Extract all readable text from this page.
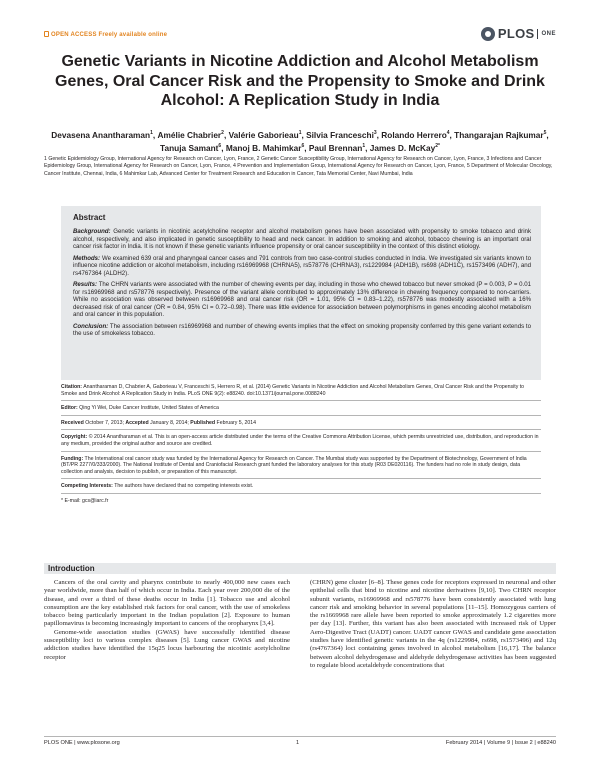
OPEN ACCESS Freely available online	PLOS ONE
Genetic Variants in Nicotine Addiction and Alcohol Metabolism Genes, Oral Cancer Risk and the Propensity to Smoke and Drink Alcohol: A Replication Study in India
Devasena Anantharaman$^1$, Amélie Chabrier$^2$, Valérie Gaborieau$^1$, Silvia Franceschi$^3$, Rolando Herrero$^4$, Thangarajan Rajkumar$^5$, Tanuja Samant$^6$, Manoj B. Mahimkar$^6$, Paul Brennan$^1$, James D. McKay$^{2*}$
1 Genetic Epidemiology Group, International Agency for Research on Cancer, Lyon, France, 2 Genetic Cancer Susceptibility Group, International Agency for Research on Cancer, Lyon, France, 3 Infections and Cancer Epidemiology Group, International Agency for Research on Cancer, Lyon, France, 4 Prevention and Implementation Group, International Agency for Research on Cancer, Lyon, France, 5 Department of Molecular Oncology, Cancer Institute, Chennai, India, 6 Mahimkar Lab, Advanced Center for Treatment Research and Education in Cancer, Tata Memorial Center, Navi Mumbai, India
Abstract

Background: Genetic variants in nicotinic acetylcholine receptor and alcohol metabolism genes have been associated with propensity to smoke tobacco and drink alcohol, respectively, and also implicated in genetic susceptibility to head and neck cancer. In addition to smoking and alcohol, tobacco chewing is an important oral cancer risk factor in India. It is not known if these genetic variants influence propensity or oral cancer susceptibility in the context of this distinct etiology.

Methods: We examined 639 oral and pharyngeal cancer cases and 791 controls from two case-control studies conducted in India. We investigated six variants known to influence nicotine addiction or alcohol metabolism, including rs16969968 (CHRNA5), rs578776 (CHRNA3), rs1229984 (ADH1B), rs698 (ADH1C), rs1573496 (ADH7), and rs4767364 (ALDH2).

Results: The CHRN variants were associated with the number of chewing events per day, including in those who chewed tobacco but never smoked (P = 0.003, P = 0.01 for rs16969968 and rs578776 respectively). Presence of the variant allele contributed to approximately 13% difference in chewing frequency compared to non-carriers. While no association was observed between rs16969968 and oral cancer risk (OR = 1.01, 95% CI = 0.83–1.22), rs578776 was modestly associated with a 16% decreased risk of oral cancer (OR = 0.84, 95% CI = 0.72–0.98). There was little evidence for association between polymorphisms in genes encoding alcohol metabolism and oral cancer in this population.

Conclusion: The association between rs16969968 and number of chewing events implies that the effect on smoking propensity conferred by this gene variant extends to the use of smokeless tobacco.

Citation: Anantharaman D, Chabrier A, Gaborieau V, Franceschi S, Herrero R, et al. (2014) Genetic Variants in Nicotine Addiction and Alcohol Metabolism Genes, Oral Cancer Risk and the Propensity to Smoke and Drink Alcohol: A Replication Study in India. PLoS ONE 9(2): e88240. doi:10.1371/journal.pone.0088240

Editor: Qing Yi Wei, Duke Cancer Institute, United States of America

Received October 7, 2013; Accepted January 8, 2014; Published February 5, 2014

Copyright: © 2014 Anantharaman et al. This is an open-access article distributed under the terms of the Creative Commons Attribution License, which permits unrestricted use, distribution, and reproduction in any medium, provided the original author and source are credited.

Funding: The International oral cancer study was funded by the International Agency for Research on Cancer. The Mumbai study was supported by the Department of Biotechnology, Government of India (BT/PR 2277/0/333/2000). The National Institute of Dental and Craniofacial Research grant funded the laboratory analyses for this study (R03 DE020116). The funders had no role in study design, data collection and analysis, decision to publish, or preparation of this manuscript.

Competing Interests: The authors have declared that no competing interests exist.

* E-mail: gcs@iarc.fr

Introduction

Cancers of the oral cavity and pharynx contribute to nearly 400,000 new cases each year worldwide, more than half of which occur in India. Each year over 200,000 die of the disease, and over a third of these deaths occur in India [1]. Tobacco use and alcohol consumption are the key established risk factors for oral cancer, with the use of smokeless tobacco being particularly important in the Indian population [2]. Exposure to human papillomavirus is becoming increasingly important to cancers of the oropharynx [3,4].

Genome-wide association studies (GWAS) have successfully identified disease susceptibility loci to various complex diseases [5]. Lung cancer GWAS and nicotine addiction studies have identified the 15q25 locus harbouring the nicotinic acetylcholine receptor

(CHRN) gene cluster [6–8]. These genes code for receptors expressed in neuronal and other epithelial cells that bind to nicotine and nicotine derivatives [9,10]. Two CHRN receptor subunit variants, rs16969968 and rs578776 have been consistently associated with lung cancer risk and smoking behavior in several populations [11–15]. Homozygous carriers of the rs1669968 rare allele have been reported to smoke approximately 1.2 cigarettes more per day [13]. Further, this variant has also been associated with increased risk of Upper Aero-Digestive Tract (UADT) cancer. UADT cancer GWAS and candidate gene association studies have identified genetic variants in the 4q (rs1229984, rs698, rs1573496) and 12q (rs4767364) loci containing genes involved in alcohol metabolism [16,17]. The balance between alcohol dehydrogenase and aldehyde dehydrogenase activities has been suggested to regulate blood acetaldehyde concentrations that

PLOS ONE | www.plosone.org	1	February 2014 | Volume 9 | Issue 2 | e88240
